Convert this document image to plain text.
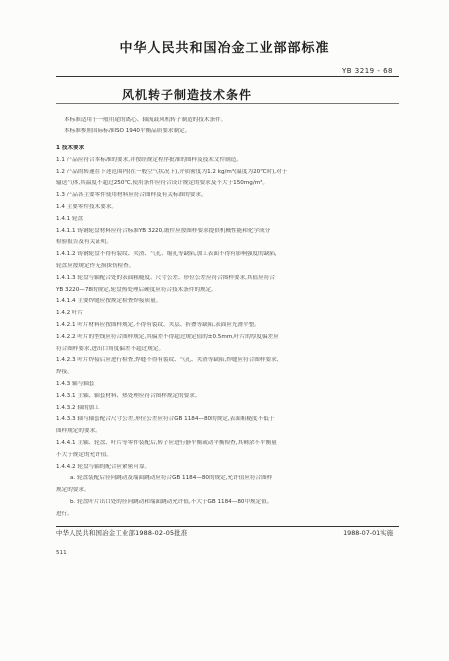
中华人民共和国冶金工业部部标准
YB 3219 - 68
风机转子制造技术条件
本标准适用于一般用途的离心、轴流鼓风机转子制造的技术条件。
本标准参照国际标准ISO 1940平衡品质要求制定。
1 技术要求
1.1 产品应符合本标准的要求,并按经规定程序批准的图样及技术文件制造。
1.2 产品的转速在下述范围内(在一般空气状况下),介质密度为1.2 kg/m³(温度为20℃时),对于
输送气体,其温度不超过250℃,使用条件应符合设计规定的要求及不大于150mg/m³。
1.3 产品各主要零件使用材料应符合图样及有关标准的要求。
1.4 主要零件技术要求。
1.4.1 轮盘
1.4.1.1 铸钢轮盘材料应符合标准YB 3220,锻件应按图样要求提供机械性能和化学成分
检验报告及有关证明。
1.4.1.2 铸钢轮盘不得有裂纹、夹渣、气孔、缩孔等缺陷,加工表面不得有影响强度的缺陷,
轮盘应按规定作无损探伤检查。
1.4.1.3 轮盘与轴配合处的表面粗糙度、尺寸公差、形位公差应符合图样要求,其值应符合
YB 3220—78的规定,轮盘热处理后硬度应符合技术条件的规定。
1.4.1.4 主要焊缝应按规定检查焊接质量。
1.4.2 叶片
1.4.2.1 叶片材料应按图样规定,不得有裂纹、夹层、折叠等缺陷,表面应光滑平整。
1.4.2.2 叶片的型线应符合图样规定,其偏差不得超过规定值的±0.5mm,叶片的厚度偏差应
符合图样要求,进出口角度偏差不超过规定。
1.4.2.3 叶片焊接后应进行检查,焊缝不得有裂纹、气孔、夹渣等缺陷,焊缝应符合图样要求,
焊接。
1.4.3 轴与轴套
1.4.3.1 主轴、轴套材料、热处理应符合图样规定的要求。
1.4.3.2 轴的加工
1.4.3.3 轴与轴套配合尺寸公差,形位公差应符合GB 1184—80的规定,表面粗糙度不低于
图样规定的要求。
1.4.4.1 主轴、轮盘、叶片等零件装配后,转子应进行静平衡或动平衡检查,其剩余不平衡量
不大于规定的允许值。
1.4.4.2 轮盘与轴的配合应紧密可靠。
a. 轮盘装配后径向跳动及端面跳动应符合GB 1184—80的规定,允许值应符合图样
规定的要求。
b. 轮盘叶片出口处的径向跳动和端面跳动允许值,不大于GB 1184—80中规定值。
进行。
中华人民共和国冶金工业部1988-02-05批准	1988-07-01实施
511
